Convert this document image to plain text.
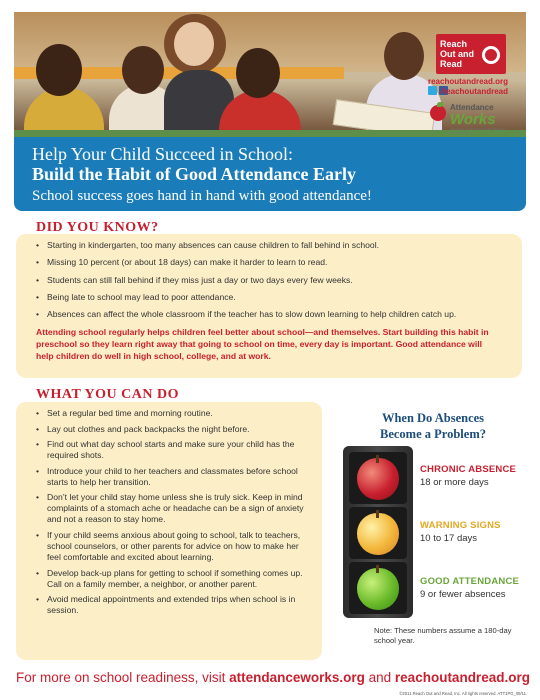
Reach
Out and
Read
reachoutandread.org
/reachoutandread
Attendance
Works
Advancing Student Success By Reducing Chronic Absence
Help Your Child Succeed in School:
Build the Habit of Good Attendance Early
School success goes hand in hand with good attendance!
• Starting in kindergarten, too many absences can cause children to fall behind in school.
• Missing 10 percent (or about 18 days) can make it harder to learn to read.
• Students can still fall behind if they miss just a day or two days every few weeks.
• Being late to school may lead to poor attendance.
• Absences can affect the whole classroom if the teacher has to slow down learning to help children catch up.

Attending school regularly helps children feel better about school—and themselves. Start building this habit in preschool so they learn right away that going to school on time, every day is important. Good attendance will help children do well in high school, college, and at work.

DID YOU KNOW?
• Set a regular bed time and morning routine.
• Lay out clothes and pack backpacks the night before.
• Find out what day school starts and make sure your child has the required shots.
• Introduce your child to her teachers and classmates before school starts to help her transition.
• Don’t let your child stay home unless she is truly sick. Keep in mind complaints of a stomach ache or headache can be a sign of anxiety and not a reason to stay home.
• If your child seems anxious about going to school, talk to teachers, school counselors, or other parents for advice on how to make her feel comfortable and excited about learning.
• Develop back-up plans for getting to school if something comes up. Call on a family member, a neighbor, or another parent.
• Avoid medical appointments and extended trips when school is in session.
WHAT YOU CAN DO
When Do Absences
Become a Problem?
CHRONIC ABSENCE
18 or more days
WARNING SIGNS
10 to 17 days
GOOD ATTENDANCE
9 or fewer absences
Note: These numbers assume a 180-day school year.
For more on school readiness, visit attendanceworks.org and reachoutandread.org
©2011 Reach Out and Read, Inc. All rights reserved. ATT1PG_09/11
